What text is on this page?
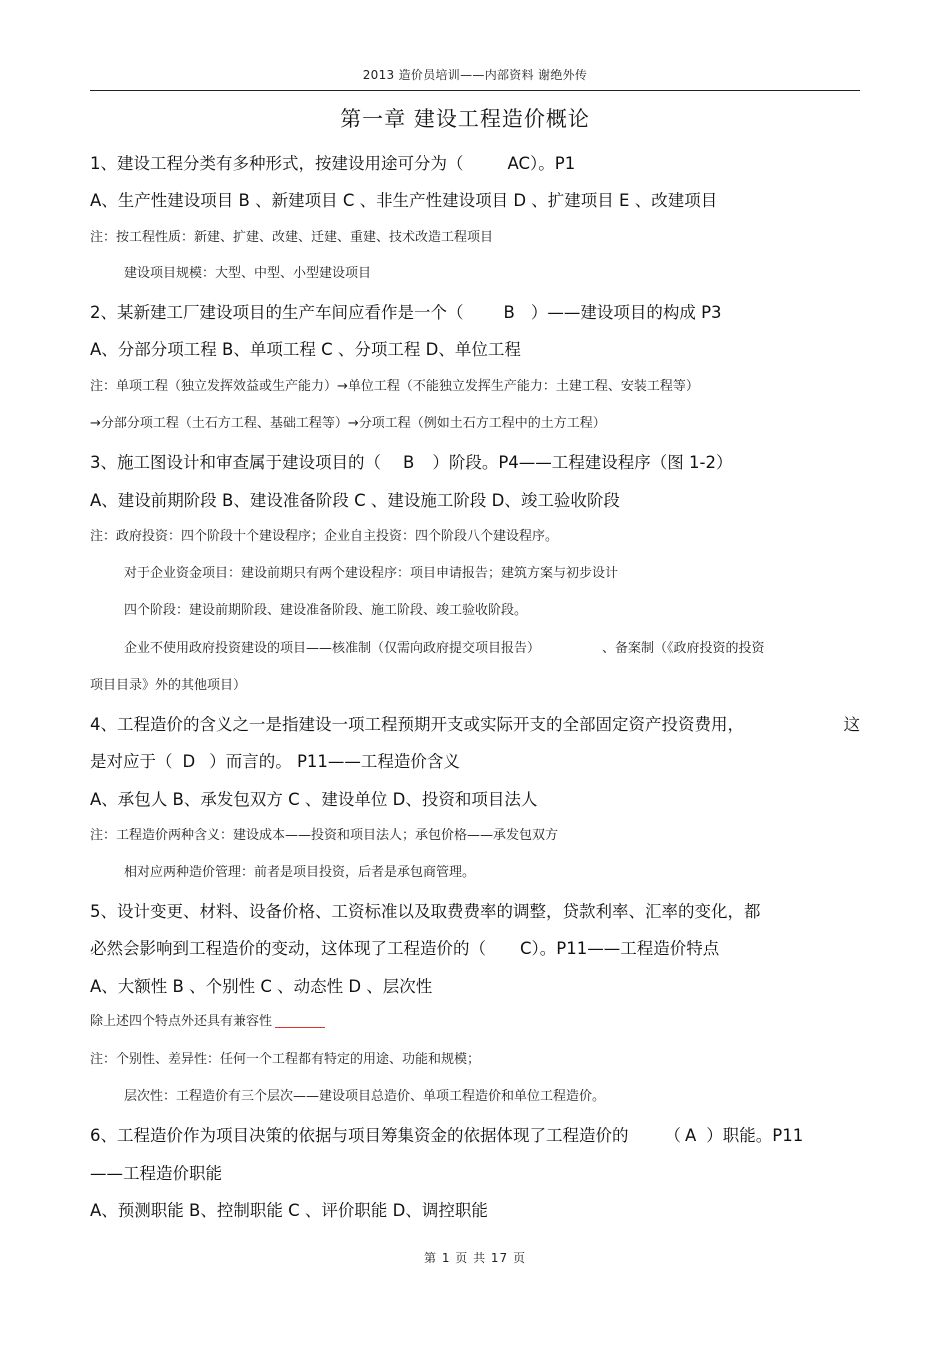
2013 造价员培训——内部资料 谢绝外传
第一章 建设工程造价概论
1、建设工程分类有多种形式，按建设用途可分为（	AC）。P1
A、生产性建设项目 B 、新建项目 C 、非生产性建设项目 D 、扩建项目 E 、改建项目
注：按工程性质：新建、扩建、改建、迁建、重建、技术改造工程项目
建设项目规模：大型、中型、小型建设项目
2、某新建工厂建设项目的生产车间应看作是一个（ B ）——建设项目的构成 P3
A、分部分项工程 B、单项工程 C 、分项工程 D、单位工程
注：单项工程（独立发挥效益或生产能力）→单位工程（不能独立发挥生产能力：土建工程、安装工程等）
→分部分项工程（土石方工程、基础工程等）→分项工程（例如土石方工程中的土方工程）
3、施工图设计和审查属于建设项目的（ B ）阶段。P4——工程建设程序（图 1-2）
A、建设前期阶段 B、建设准备阶段 C 、建设施工阶段 D、竣工验收阶段
注：政府投资：四个阶段十个建设程序；企业自主投资：四个阶段八个建设程序。
对于企业资金项目：建设前期只有两个建设程序：项目申请报告；建筑方案与初步设计
四个阶段：建设前期阶段、建设准备阶段、施工阶段、竣工验收阶段。
企业不使用政府投资建设的项目——核准制（仅需向政府提交项目报告）	、备案制（《政府投资的投资
项目目录》外的其他项目）
4、工程造价的含义之一是指建设一项工程预期开支或实际开支的全部固定资产投资费用，	这
是对应于（ D ）而言的。 P11——工程造价含义
A、承包人 B、承发包双方 C 、建设单位 D、投资和项目法人
注：工程造价两种含义：建设成本——投资和项目法人；承包价格——承发包双方
相对应两种造价管理：前者是项目投资，后者是承包商管理。
5、设计变更、材料、设备价格、工资标准以及取费费率的调整，贷款利率、汇率的变化，都
必然会影响到工程造价的变动，这体现了工程造价的（ C）。P11——工程造价特点
A、大额性 B 、个别性 C 、动态性 D 、层次性
除上述四个特点外还具有兼容性
注：个别性、差异性：任何一个工程都有特定的用途、功能和规模；
层次性：工程造价有三个层次——建设项目总造价、单项工程造价和单位工程造价。
6、工程造价作为项目决策的依据与项目筹集资金的依据体现了工程造价的 （ A ）职能。P11
——工程造价职能
A、预测职能 B、控制职能 C 、评价职能 D、调控职能
第 1 页 共 17 页
